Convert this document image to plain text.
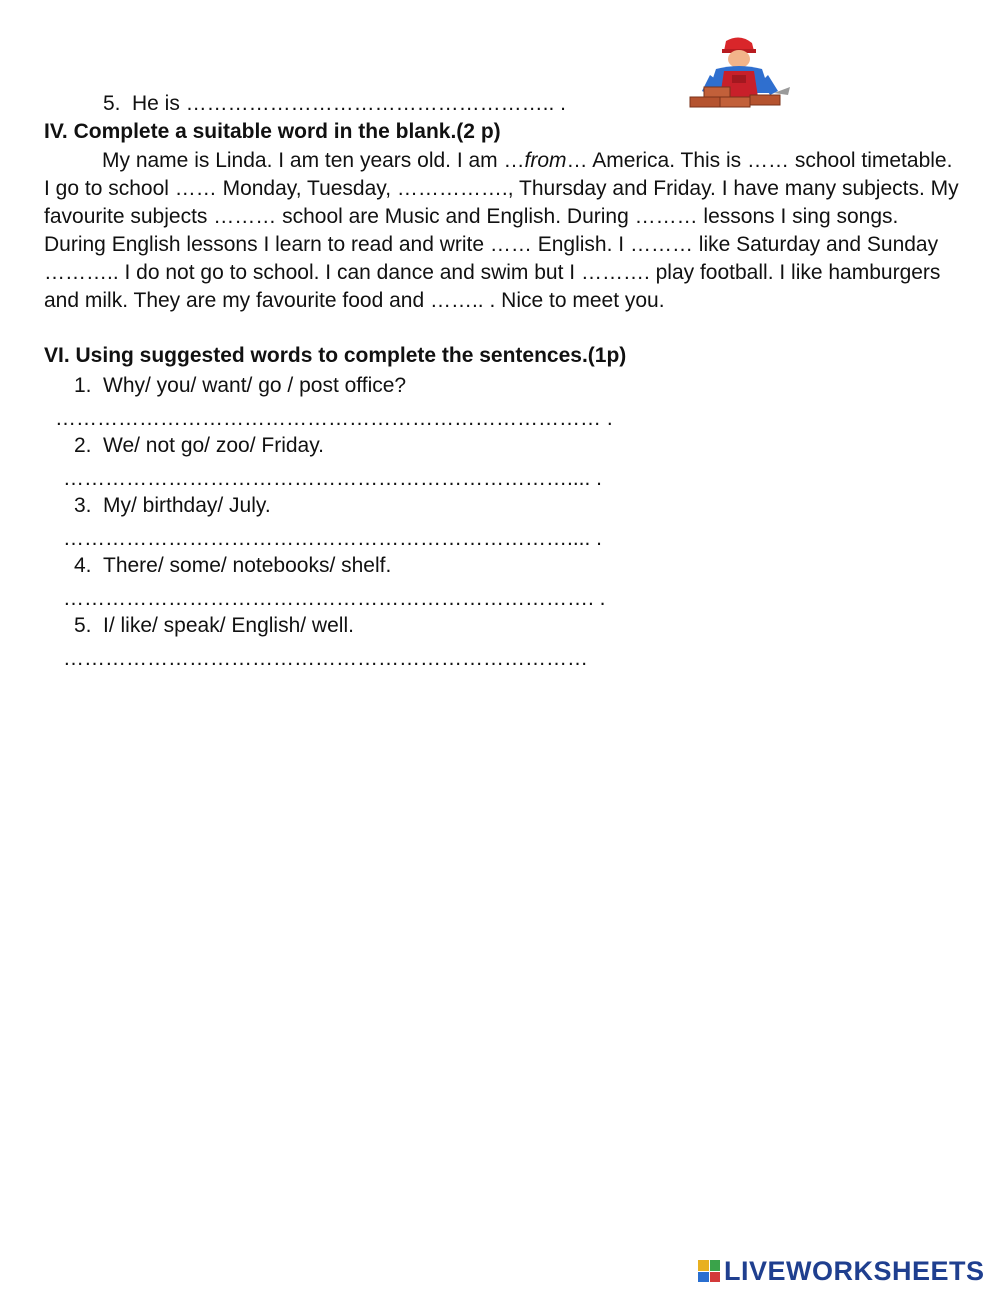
5. He is …………………………………………….. .
IV. Complete a suitable word in the blank.(2 p)
My name is Linda. I am ten years old. I am …from… America. This is …… school timetable. I go to school …… Monday, Tuesday, ……………., Thursday and Friday. I have many subjects. My favourite subjects ……… school are Music and English. During ……… lessons I sing songs. During English lessons I learn to read and write …… English. I ……… like Saturday and Sunday ……….. I do not go to school. I can dance and swim but I ………. play football. I like hamburgers and milk. They are my favourite food and …….. . Nice to meet you.
VI. Using suggested words to complete the sentences.(1p)
1. Why/ you/ want/ go / post office?
…………………………………………………………………… .
2. We/ not go/ zoo/ Friday.
……………………………………………………………….... .
3. My/ birthday/ July.
……………………………………………………………….... .
4. There/ some/ notebooks/ shelf.
…………………………………………………………………. .
5. I/ like/ speak/ English/ well.
…………………………………………………………………
LIVEWORKSHEETS
